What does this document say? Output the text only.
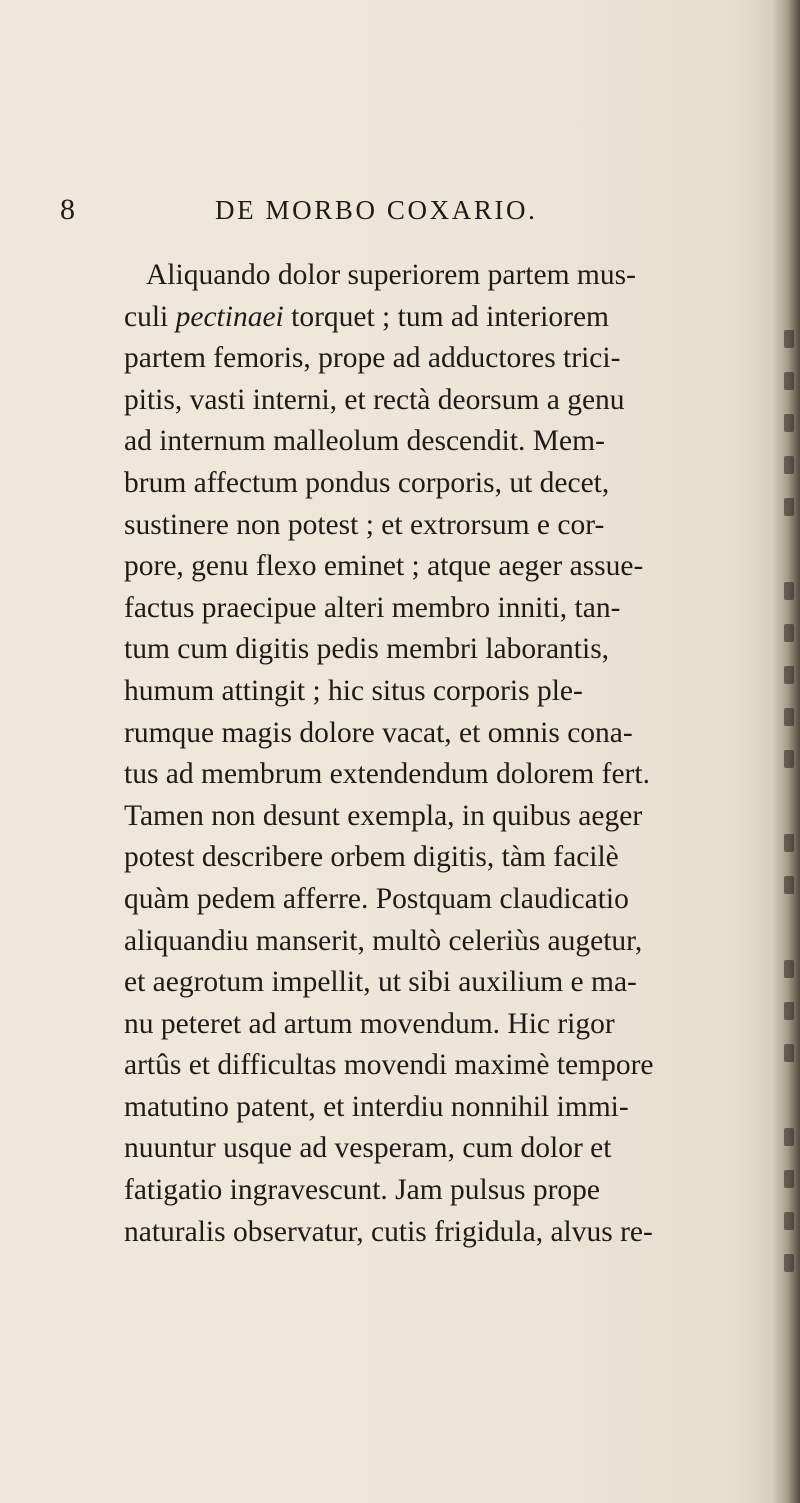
8	DE MORBO COXARIO.
Aliquando dolor superiorem partem mus-
culi pectinaei torquet ; tum ad interiorem
partem femoris, prope ad adductores trici-
pitis, vasti interni, et rectà deorsum a genu
ad internum malleolum descendit. Mem-
brum affectum pondus corporis, ut decet,
sustinere non potest ; et extrorsum e cor-
pore, genu flexo eminet ; atque aeger assue-
factus praecipue alteri membro inniti, tan-
tum cum digitis pedis membri laborantis,
humum attingit ; hic situs corporis ple-
rumque magis dolore vacat, et omnis cona-
tus ad membrum extendendum dolorem fert.
Tamen non desunt exempla, in quibus aeger
potest describere orbem digitis, tàm facilè
quàm pedem afferre. Postquam claudicatio
aliquandiu manserit, multò celeriùs augetur,
et aegrotum impellit, ut sibi auxilium e ma-
nu peteret ad artum movendum. Hic rigor
artûs et difficultas movendi maximè tempore
matutino patent, et interdiu nonnihil immi-
nuuntur usque ad vesperam, cum dolor et
fatigatio ingravescunt. Jam pulsus prope
naturalis observatur, cutis frigidula, alvus re-
